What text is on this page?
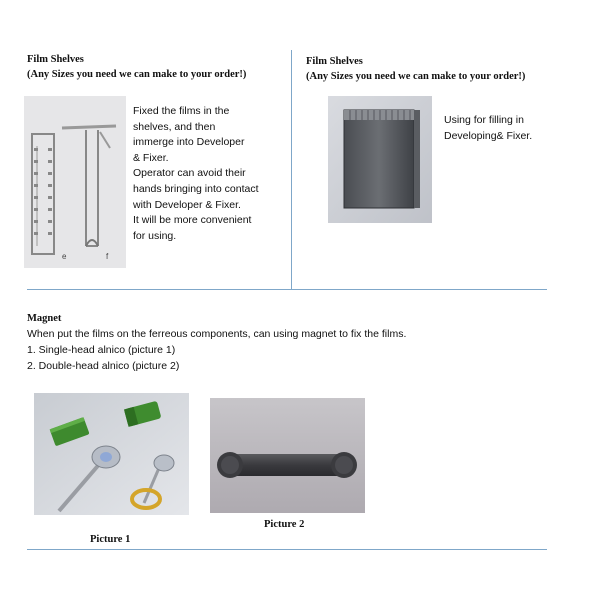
Film Shelves
(Any Sizes you need we can make to your order!)
e	f
Fixed the films in the
shelves, and then
immerge into Developer
& Fixer.
Operator can avoid their
hands bringing into contact
with Developer & Fixer.
It will be more convenient
for using.
Film Shelves
(Any Sizes you need we can make to your order!)
Using for filling in
Developing& Fixer.
Magnet
When put the films on the ferreous components, can using magnet to fix the films.
1. Single-head alnico (picture 1)
2. Double-head alnico (picture 2)
Picture 2
Picture 1
